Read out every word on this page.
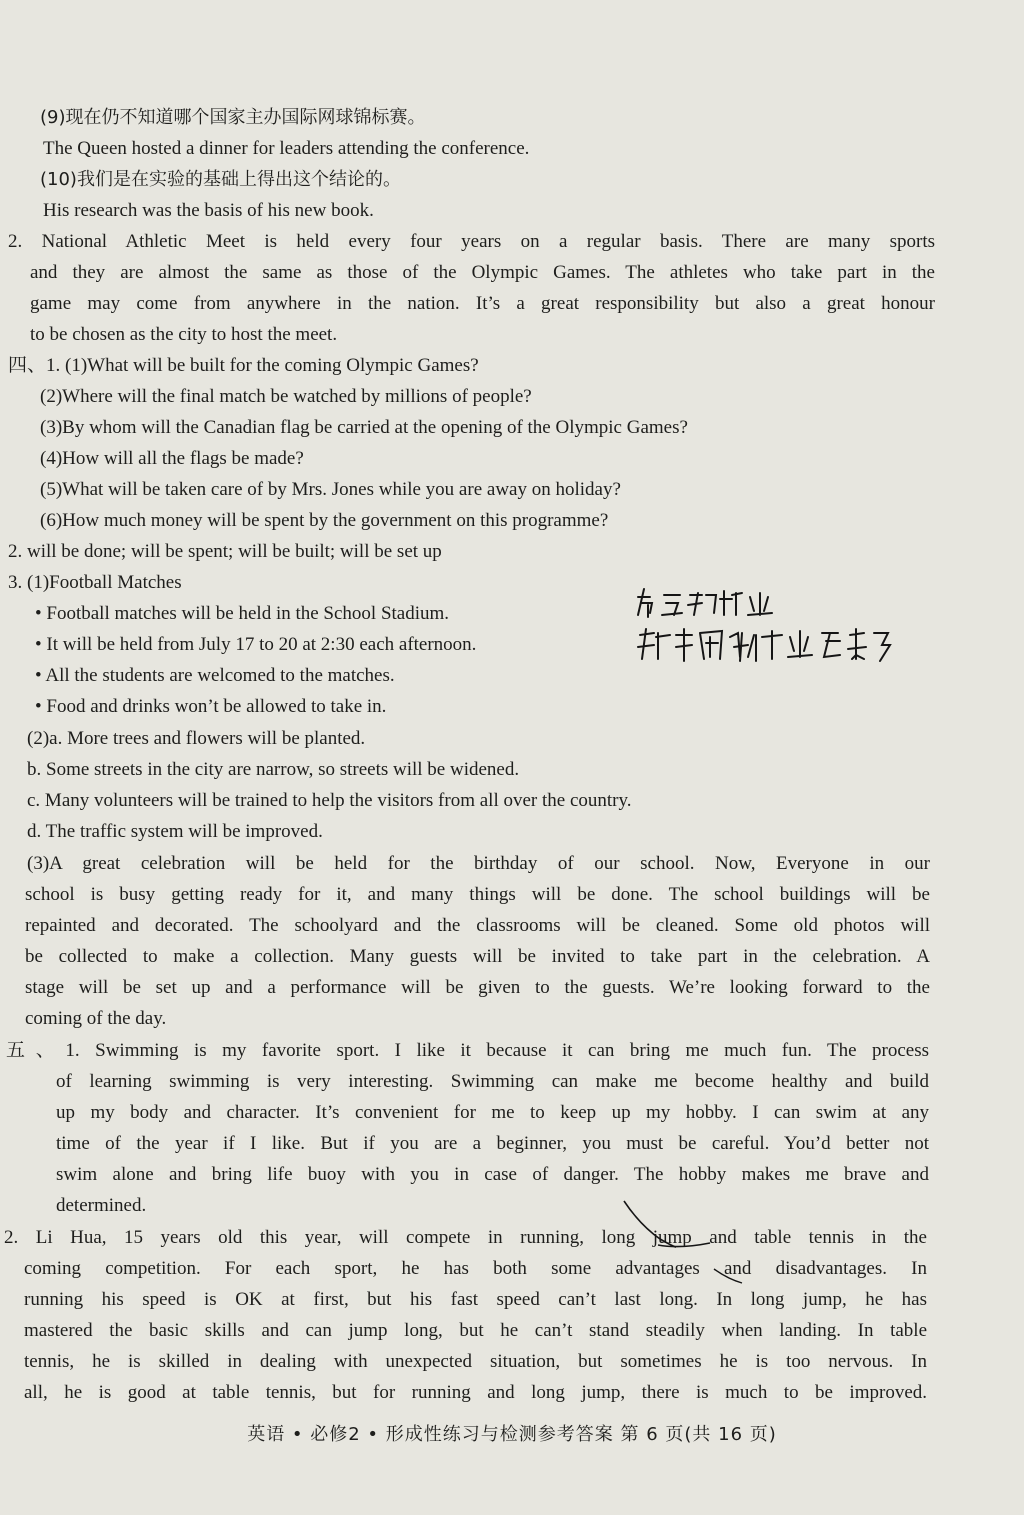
(9)现在仍不知道哪个国家主办国际网球锦标赛。
The Queen hosted a dinner for leaders attending the conference.
(10)我们是在实验的基础上得出这个结论的。
His research was the basis of his new book.
2. National Athletic Meet is held every four years on a regular basis. There are many sports
and they are almost the same as those of the Olympic Games. The athletes who take part in the
game may come from anywhere in the nation. It’s a great responsibility but also a great honour
to be chosen as the city to host the meet.
四、1. (1)What will be built for the coming Olympic Games?
(2)Where will the final match be watched by millions of people?
(3)By whom will the Canadian flag be carried at the opening of the Olympic Games?
(4)How will all the flags be made?
(5)What will be taken care of by Mrs. Jones while you are away on holiday?
(6)How much money will be spent by the government on this programme?
2. will be done; will be spent; will be built; will be set up
3. (1)Football Matches
• Football matches will be held in the School Stadium.
• It will be held from July 17 to 20 at 2:30 each afternoon.
• All the students are welcomed to the matches.
• Food and drinks won’t be allowed to take in.
(2)a. More trees and flowers will be planted.
b. Some streets in the city are narrow, so streets will be widened.
c. Many volunteers will be trained to help the visitors from all over the country.
d. The traffic system will be improved.
(3)A great celebration will be held for the birthday of our school. Now, Everyone in our
school is busy getting ready for it, and many things will be done. The school buildings will be
repainted and decorated. The schoolyard and the classrooms will be cleaned. Some old photos will
be collected to make a collection. Many guests will be invited to take part in the celebration. A
stage will be set up and a performance will be given to the guests. We’re looking forward to the
coming of the day.
五、1. Swimming is my favorite sport. I like it because it can bring me much fun. The process
of learning swimming is very interesting. Swimming can make me become healthy and build
up my body and character. It’s convenient for me to keep up my hobby. I can swim at any
time of the year if I like. But if you are a beginner, you must be careful. You’d better not
swim alone and bring life buoy with you in case of danger. The hobby makes me brave and
determined.
2. Li Hua, 15 years old this year, will compete in running, long jump and table tennis in the
coming competition. For each sport, he has both some advantages and disadvantages. In
running his speed is OK at first, but his fast speed can’t last long. In long jump, he has
mastered the basic skills and can jump long, but he can’t stand steadily when landing. In table
tennis, he is skilled in dealing with unexpected situation, but sometimes he is too nervous. In
all, he is good at table tennis, but for running and long jump, there is much to be improved.
英语 • 必修2 • 形成性练习与检测参考答案 第 6 页(共 16 页)
